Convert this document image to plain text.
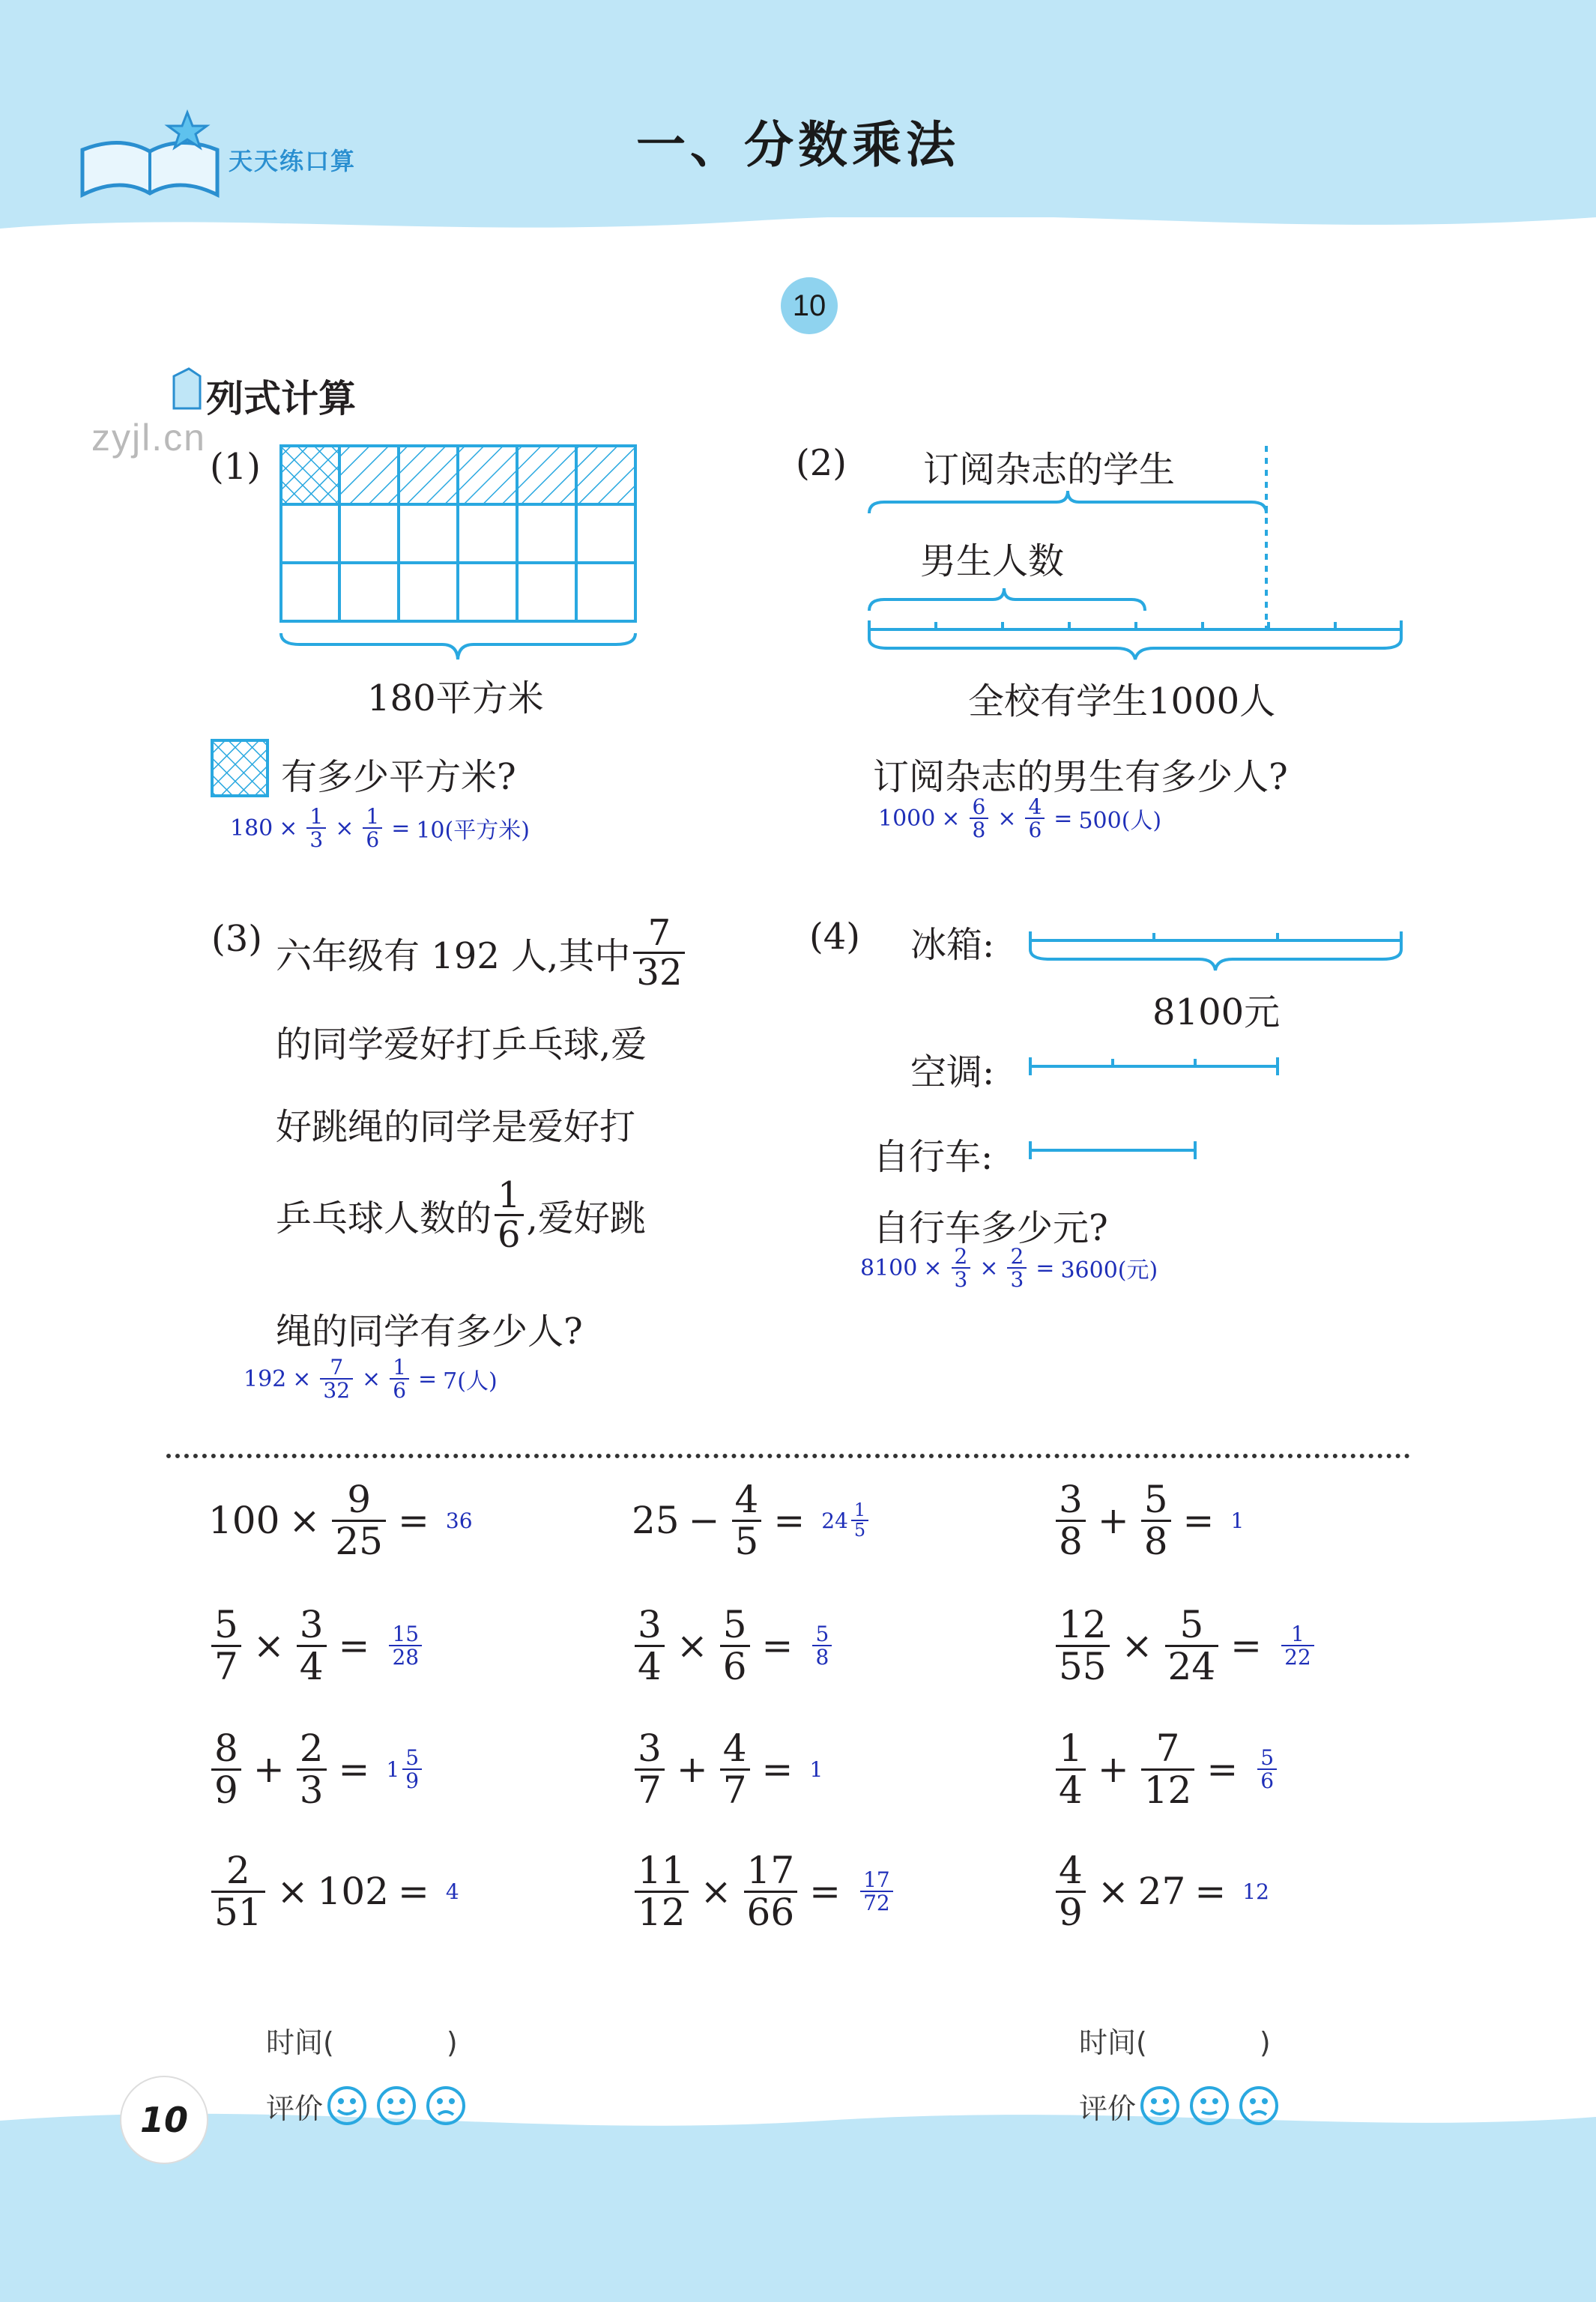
天天练口算	一、分数乘法
10
zyjl.cn
列式计算
(1)
180平方米
有多少平方米?
$180 \times \frac{1}{3} \times \frac{1}{6} = 10$(平方米)
(2) 订阅杂志的学生
男生人数
全校有学生1000人
订阅杂志的男生有多少人?
$1000 \times \frac{6}{8} \times \frac{4}{6} = 500$(人)
(3) 六年级有 192 人,其中 $\frac{7}{32}$
的同学爱好打乒乓球,爱
好跳绳的同学是爱好打
乒乓球人数的 $\frac{1}{6}$ ,爱好跳
绳的同学有多少人?
$192 \times \frac{7}{32} \times \frac{1}{6} = 7$(人)
(4) 冰箱:
空调:
自行车:
8100元
自行车多少元?
$8100 \times \frac{2}{3} \times \frac{2}{3} = 3600$(元)
$100 \times \frac{9}{25} = 36$	$25 - \frac{4}{5} = 24 \frac{1}{5}$	$\frac{3}{8} + \frac{5}{8} = 1$
$\frac{5}{7} \times \frac{3}{4} = \frac{15}{28}$	$\frac{3}{4} \times \frac{5}{6} = \frac{5}{8}$	$\frac{12}{55} \times \frac{5}{24} = \frac{1}{22}$
$\frac{8}{9} + \frac{2}{3} = 1 \frac{5}{9}$	$\frac{3}{7} + \frac{4}{7} = 1$	$\frac{1}{4} + \frac{7}{12} = \frac{5}{6}$
$\frac{2}{51} \times 102 = 4$	$\frac{11}{12} \times \frac{17}{66} = \frac{17}{72}$	$\frac{4}{9} \times 27 = 12$
时间(	)
评价
时间(	)
评价
10
